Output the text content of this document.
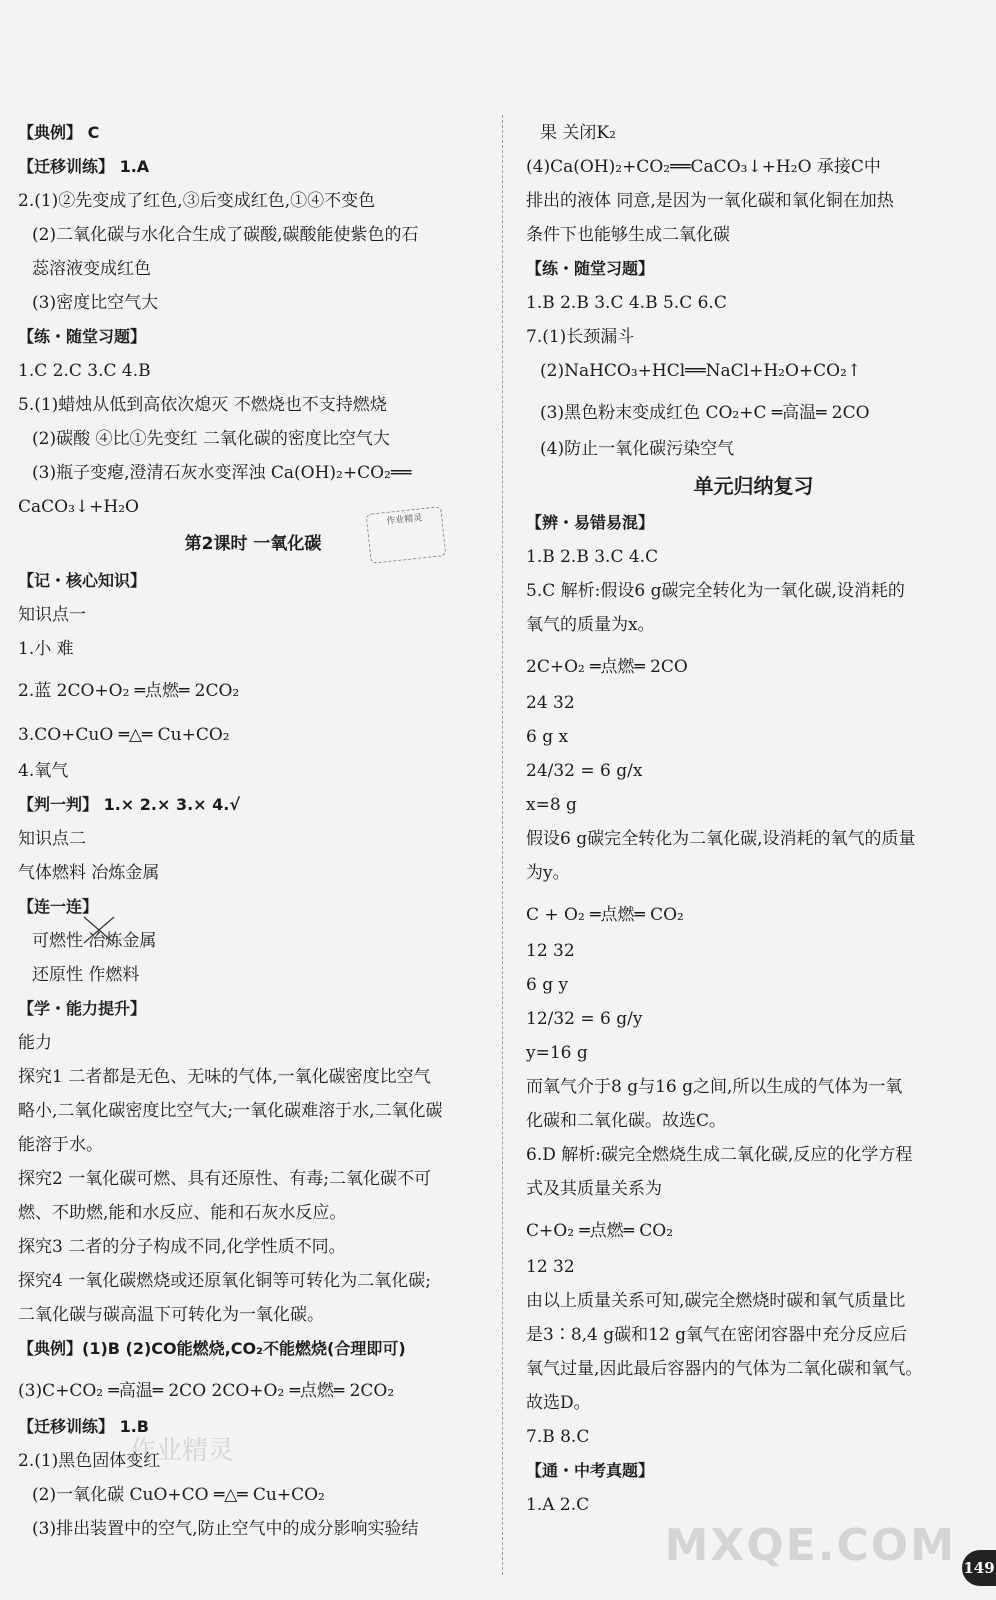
【典例】 C
【迁移训练】 1.A
2.(1)②先变成了红色,③后变成红色,①④不变色
(2)二氧化碳与水化合生成了碳酸,碳酸能使紫色的石
蕊溶液变成红色
(3)密度比空气大
【练・随堂习题】
1.C 2.C 3.C 4.B
5.(1)蜡烛从低到高依次熄灭 不燃烧也不支持燃烧
(2)碳酸 ④比①先变红 二氧化碳的密度比空气大
(3)瓶子变瘪,澄清石灰水变浑浊 Ca(OH)₂+CO₂══
CaCO₃↓+H₂O
第2课时 一氧化碳
【记・核心知识】
知识点一
1.小 难
2.蓝 2CO+O₂ ═点燃═ 2CO₂
3.CO+CuO ═△═ Cu+CO₂
4.氧气
【判一判】 1.× 2.× 3.× 4.√
知识点二
气体燃料 冶炼金属
【连一连】
可燃性 冶炼金属
还原性 作燃料
【学・能力提升】
能力
探究1 二者都是无色、无味的气体,一氧化碳密度比空气
略小,二氧化碳密度比空气大;一氧化碳难溶于水,二氧化碳
能溶于水。
探究2 一氧化碳可燃、具有还原性、有毒;二氧化碳不可
燃、不助燃,能和水反应、能和石灰水反应。
探究3 二者的分子构成不同,化学性质不同。
探究4 一氧化碳燃烧或还原氧化铜等可转化为二氧化碳;
二氧化碳与碳高温下可转化为一氧化碳。
【典例】(1)B (2)CO能燃烧,CO₂不能燃烧(合理即可)
(3)C+CO₂ ═高温═ 2CO 2CO+O₂ ═点燃═ 2CO₂
【迁移训练】 1.B
2.(1)黑色固体变红
(2)一氧化碳 CuO+CO ═△═ Cu+CO₂
(3)排出装置中的空气,防止空气中的成分影响实验结
果 关闭K₂
(4)Ca(OH)₂+CO₂══CaCO₃↓+H₂O 承接C中
排出的液体 同意,是因为一氧化碳和氧化铜在加热
条件下也能够生成二氧化碳
【练・随堂习题】
1.B 2.B 3.C 4.B 5.C 6.C
7.(1)长颈漏斗
(2)NaHCO₃+HCl══NaCl+H₂O+CO₂↑
(3)黑色粉末变成红色 CO₂+C ═高温═ 2CO
(4)防止一氧化碳污染空气
单元归纳复习
【辨・易错易混】
1.B 2.B 3.C 4.C
5.C 解析:假设6 g碳完全转化为一氧化碳,设消耗的
氧气的质量为x。
2C+O₂ ═点燃═ 2CO
24 32
6 g x
24/32 = 6 g/x
x=8 g
假设6 g碳完全转化为二氧化碳,设消耗的氧气的质量
为y。
C + O₂ ═点燃═ CO₂
12 32
6 g y
12/32 = 6 g/y
y=16 g
而氧气介于8 g与16 g之间,所以生成的气体为一氧
化碳和二氧化碳。故选C。
6.D 解析:碳完全燃烧生成二氧化碳,反应的化学方程
式及其质量关系为
C+O₂ ═点燃═ CO₂
12 32
由以上质量关系可知,碳完全燃烧时碳和氧气质量比
是3∶8,4 g碳和12 g氧气在密闭容器中充分反应后
氧气过量,因此最后容器内的气体为二氧化碳和氧气。
故选D。
7.B 8.C
【通・中考真题】
1.A 2.C
作业精灵
作业精灵
MXQE.COM 149
